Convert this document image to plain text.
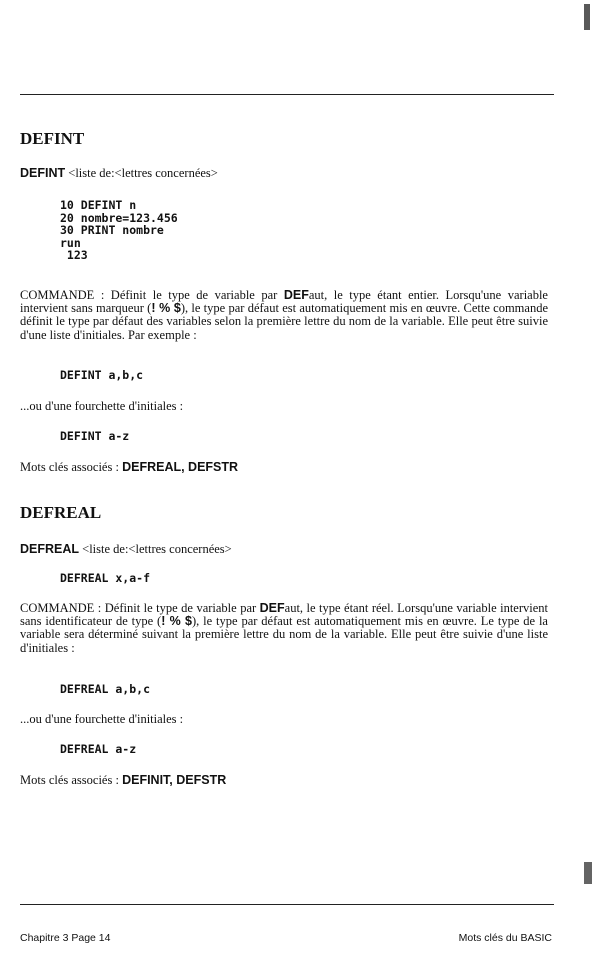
DEFINT
DEFINT <liste de:<lettres concernées>
10 DEFINT n
20 nombre=123.456
30 PRINT nombre
run
123

COMMANDE : Définit le type de variable par DEFaut, le type étant entier. Lorsqu'une variable intervient sans marqueur (! % $), le type par défaut est automatiquement mis en œuvre. Cette commande définit le type par défaut des variables selon la première lettre du nom de la variable. Elle peut être suivie d'une liste d'initiales. Par exemple :

DEFINT a,b,c
...ou d'une fourchette d'initiales :
DEFINT a-z
Mots clés associés : DEFREAL, DEFSTR
DEFREAL
DEFREAL <liste de:<lettres concernées>
DEFREAL x,a-f

COMMANDE : Définit le type de variable par DEFaut, le type étant réel. Lorsqu'une variable intervient sans identificateur de type (! % $), le type par défaut est automatiquement mis en œuvre. Le type de la variable sera déterminé suivant la première lettre du nom de la variable. Elle peut être suivie d'une liste d'initiales :

DEFREAL a,b,c
...ou d'une fourchette d'initiales :
DEFREAL a-z
Mots clés associés : DEFINIT, DEFSTR
Chapitre 3 Page 14	Mots clés du BASIC
